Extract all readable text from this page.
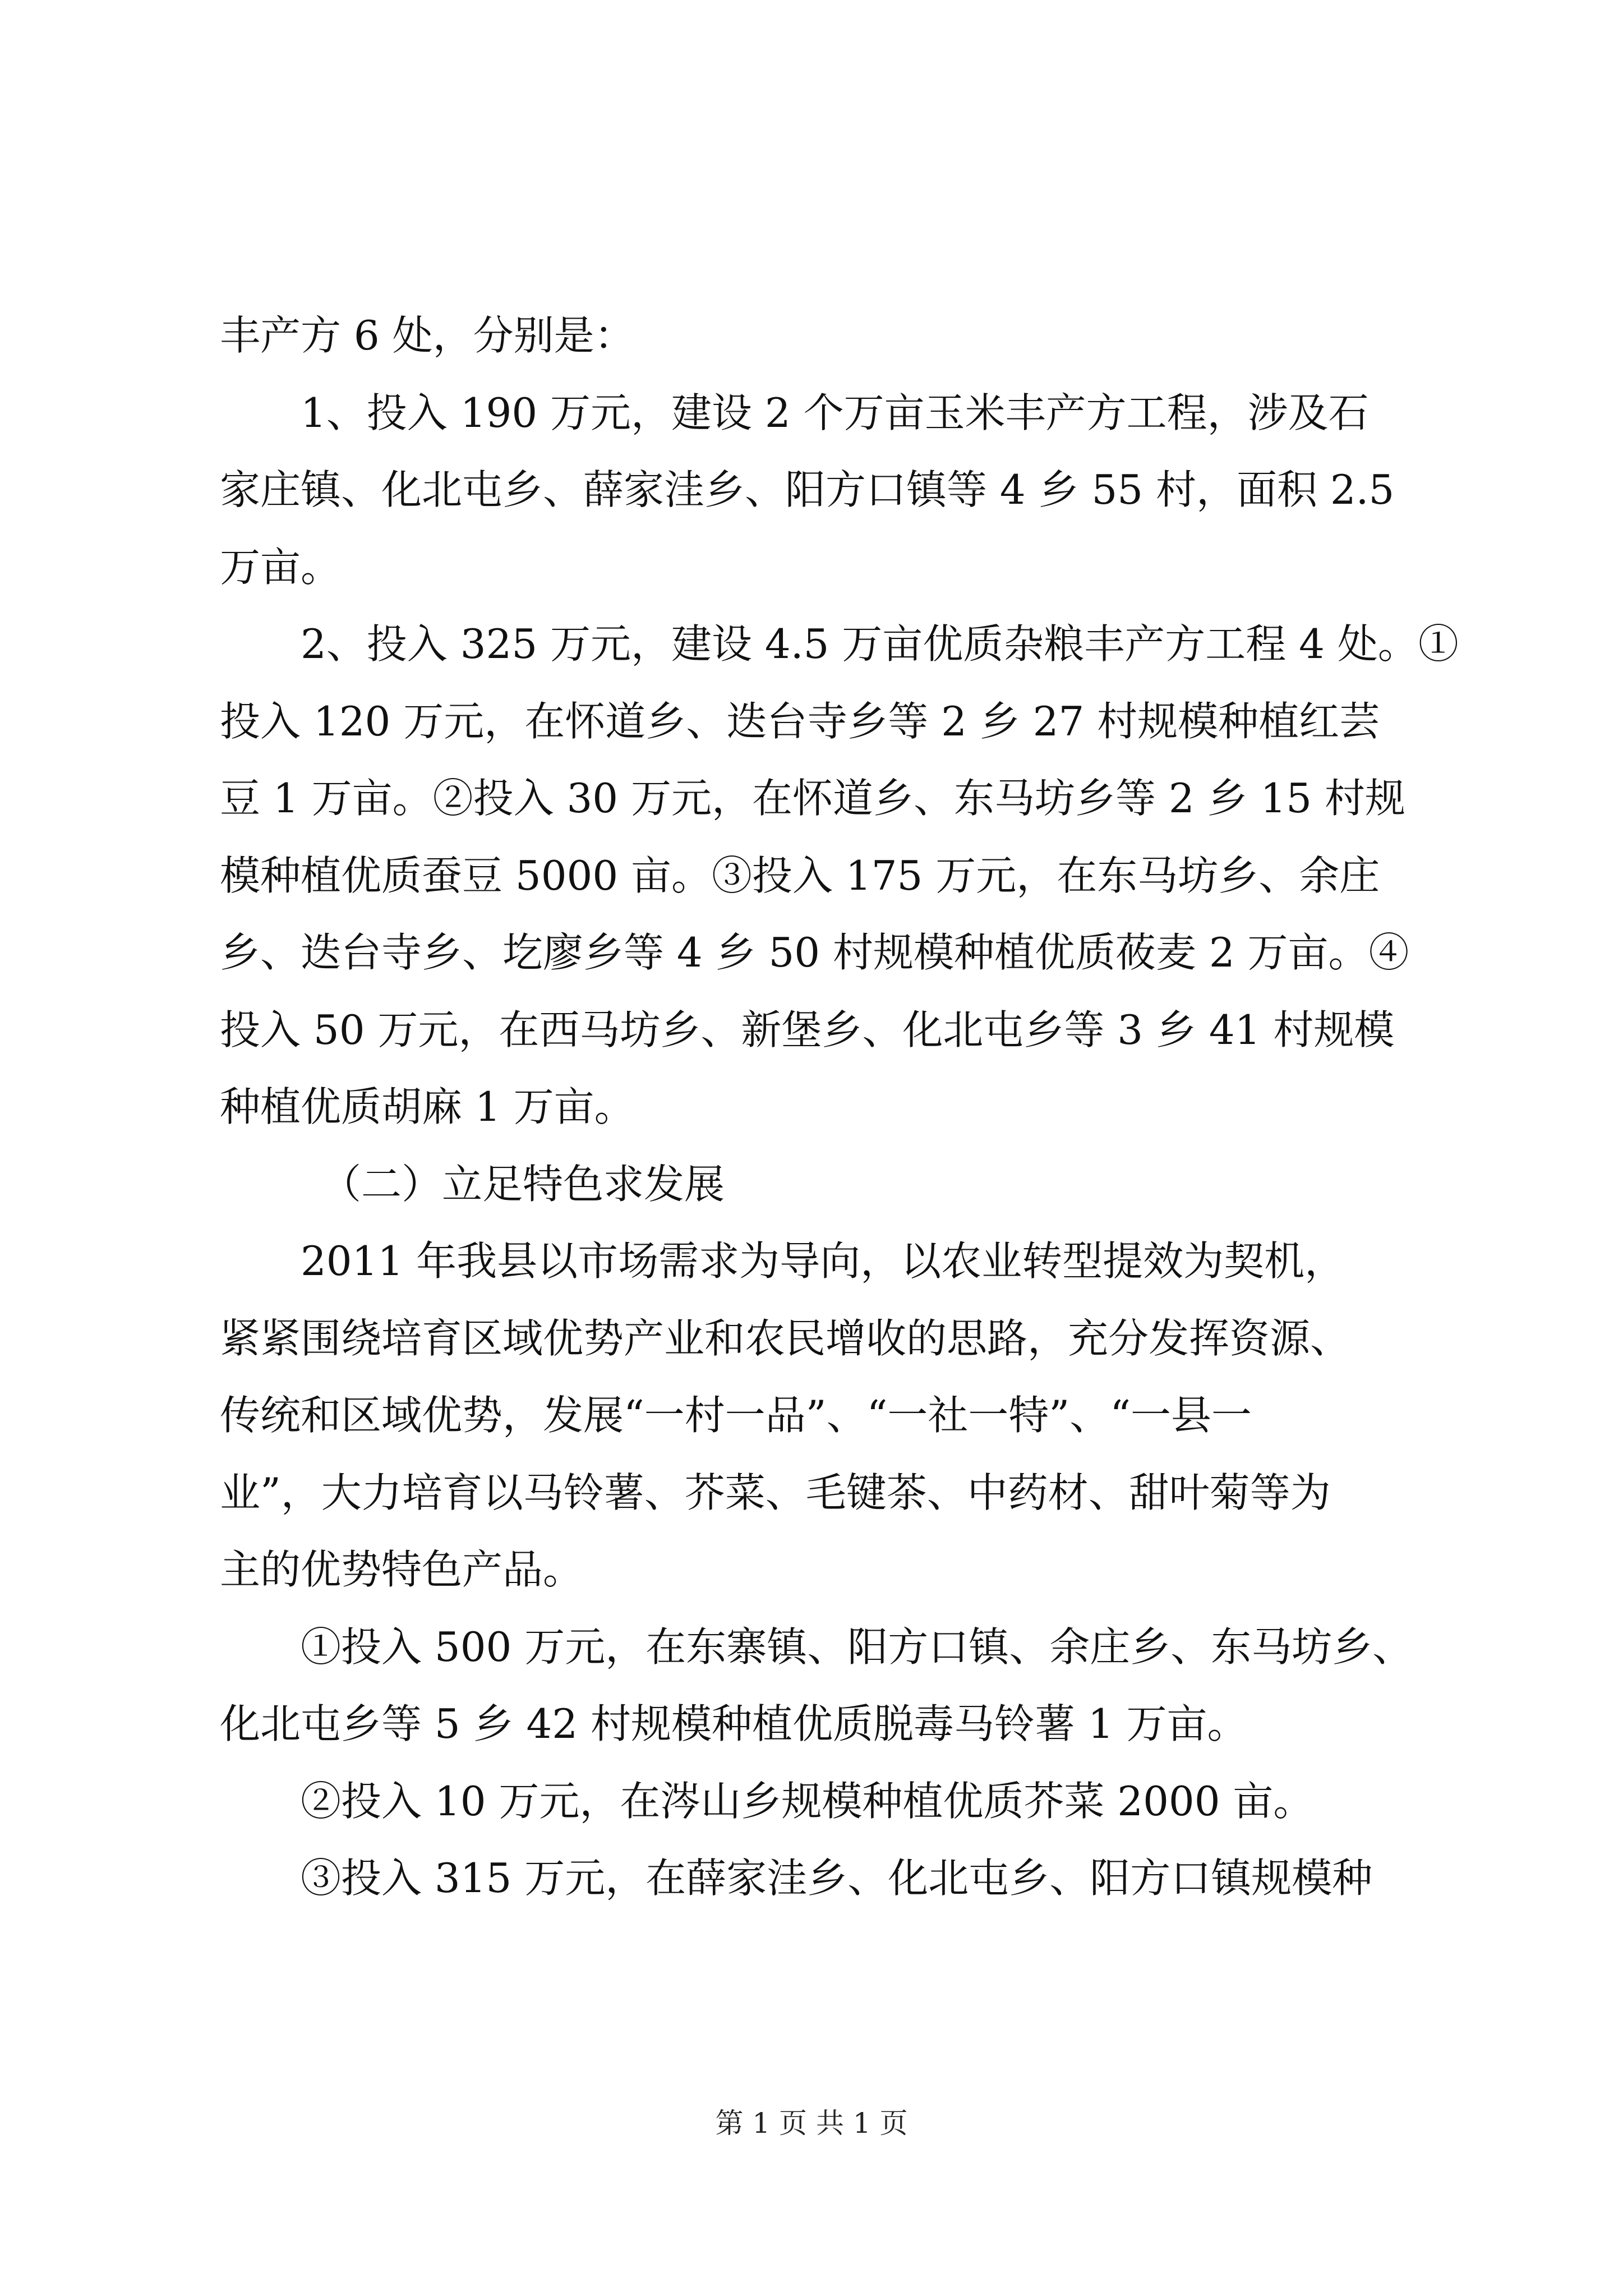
丰产方 6 处，分别是：
1、投入 190 万元，建设 2 个万亩玉米丰产方工程，涉及石
家庄镇、化北屯乡、薛家洼乡、阳方口镇等 4 乡 55 村，面积 2.5
万亩。
2、投入 325 万元，建设 4.5 万亩优质杂粮丰产方工程 4 处。①
投入 120 万元，在怀道乡、迭台寺乡等 2 乡 27 村规模种植红芸
豆 1 万亩。②投入 30 万元，在怀道乡、东马坊乡等 2 乡 15 村规
模种植优质蚕豆 5000 亩。③投入 175 万元，在东马坊乡、余庄
乡、迭台寺乡、圪廖乡等 4 乡 50 村规模种植优质莜麦 2 万亩。④
投入 50 万元，在西马坊乡、新堡乡、化北屯乡等 3 乡 41 村规模
种植优质胡麻 1 万亩。
（二）立足特色求发展
2011 年我县以市场需求为导向，以农业转型提效为契机，
紧紧围绕培育区域优势产业和农民增收的思路，充分发挥资源、
传统和区域优势，发展“一村一品”、“一社一特”、“一县一
业”，大力培育以马铃薯、芥菜、毛键茶、中药材、甜叶菊等为
主的优势特色产品。
①投入 500 万元，在东寨镇、阳方口镇、余庄乡、东马坊乡、
化北屯乡等 5 乡 42 村规模种植优质脱毒马铃薯 1 万亩。
②投入 10 万元，在涔山乡规模种植优质芥菜 2000 亩。
③投入 315 万元，在薛家洼乡、化北屯乡、阳方口镇规模种
第 1 页 共 1 页
